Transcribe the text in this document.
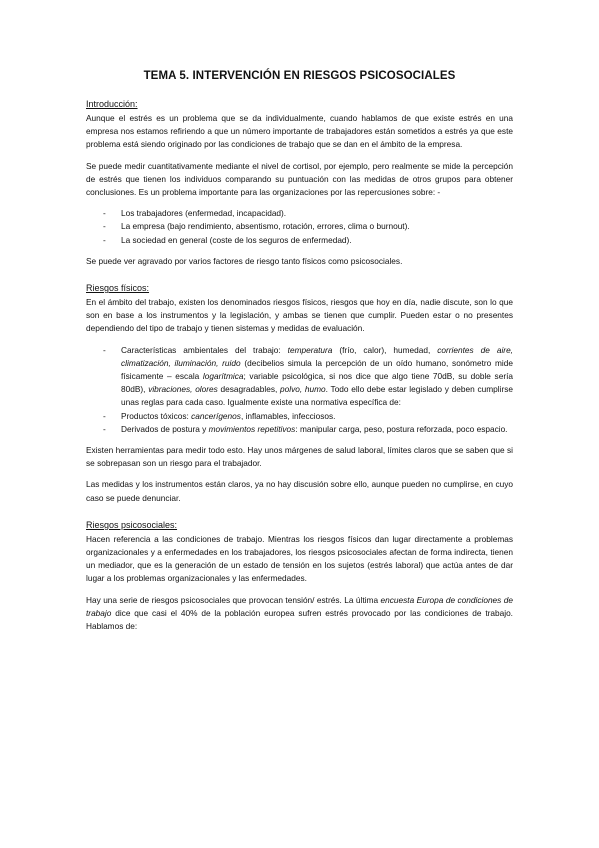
TEMA 5. INTERVENCIÓN EN RIESGOS PSICOSOCIALES
Introducción:

Aunque el estrés es un problema que se da individualmente, cuando hablamos de que existe estrés en una empresa nos estamos refiriendo a que un número importante de trabajadores están sometidos a estrés ya que este problema está siendo originado por las condiciones de trabajo que se dan en el ámbito de la empresa.

Se puede medir cuantitativamente mediante el nivel de cortisol, por ejemplo, pero realmente se mide la percepción de estrés que tienen los individuos comparando su puntuación con las medidas de otros grupos para obtener conclusiones. Es un problema importante para las organizaciones por las repercusiones sobre: -

- Los trabajadores (enfermedad, incapacidad).
- La empresa (bajo rendimiento, absentismo, rotación, errores, clima o burnout).
- La sociedad en general (coste de los seguros de enfermedad).

Se puede ver agravado por varios factores de riesgo tanto físicos como psicosociales.

Riesgos físicos:

En el ámbito del trabajo, existen los denominados riesgos físicos, riesgos que hoy en día, nadie discute, son lo que son en base a los instrumentos y la legislación, y ambas se tienen que cumplir. Pueden estar o no presentes dependiendo del tipo de trabajo y tienen sistemas y medidas de evaluación.

- Características ambientales del trabajo: temperatura (frío, calor), humedad, corrientes de aire, climatización, iluminación, ruido (decibelios simula la percepción de un oído humano, sonómetro mide físicamente – escala logarítmica; variable psicológica, si nos dice que algo tiene 70dB, su doble sería 80dB), vibraciones, olores desagradables, polvo, humo. Todo ello debe estar legislado y deben cumplirse unas reglas para cada caso. Igualmente existe una normativa específica de:
- Productos tóxicos: cancerígenos, inflamables, infecciosos.
- Derivados de postura y movimientos repetitivos: manipular carga, peso, postura reforzada, poco espacio.

Existen herramientas para medir todo esto. Hay unos márgenes de salud laboral, límites claros que se saben que si se sobrepasan son un riesgo para el trabajador.

Las medidas y los instrumentos están claros, ya no hay discusión sobre ello, aunque pueden no cumplirse, en cuyo caso se puede denunciar.

Riesgos psicosociales:

Hacen referencia a las condiciones de trabajo. Mientras los riesgos físicos dan lugar directamente a problemas organizacionales y a enfermedades en los trabajadores, los riesgos psicosociales afectan de forma indirecta, tienen un mediador, que es la generación de un estado de tensión en los sujetos (estrés laboral) que actúa antes de dar lugar a los problemas organizacionales y las enfermedades.

Hay una serie de riesgos psicosociales que provocan tensión/ estrés. La última encuesta Europa de condiciones de trabajo dice que casi el 40% de la población europea sufren estrés provocado por las condiciones de trabajo. Hablamos de:
